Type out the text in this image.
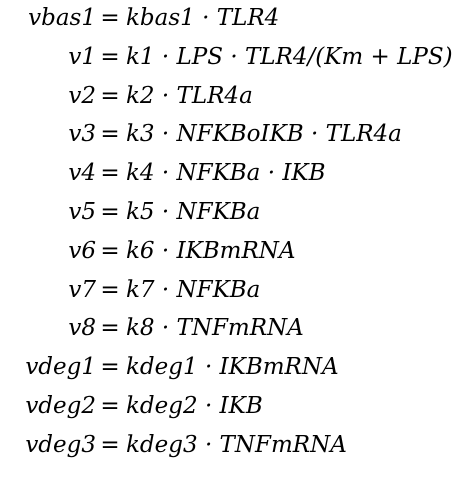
vbas1 = kbas1 · TLR4
v1 = k1 · LPS · TLR4/(Km + LPS)
v2 = k2 · TLR4a
v3 = k3 · NFKBoIKB · TLR4a
v4 = k4 · NFKBa · IKB
v5 = k5 · NFKBa
v6 = k6 · IKBmRNA
v7 = k7 · NFKBa
v8 = k8 · TNFmRNA
vdeg1 = kdeg1 · IKBmRNA
vdeg2 = kdeg2 · IKB
vdeg3 = kdeg3 · TNFmRNA
